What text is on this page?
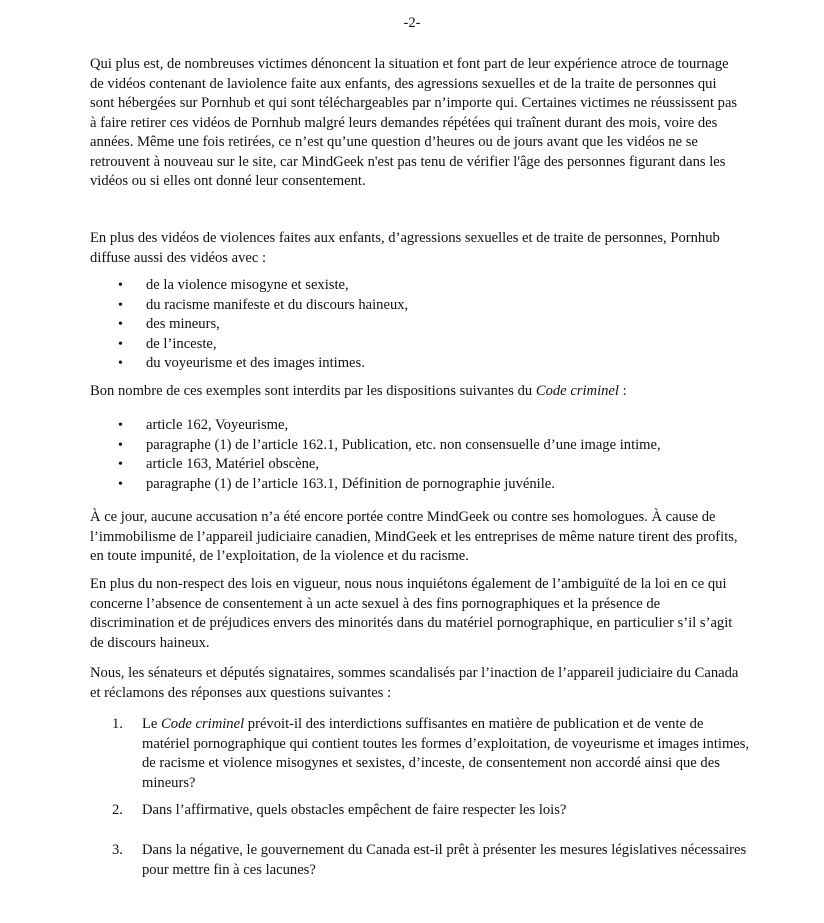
-2-

Qui plus est, de nombreuses victimes dénoncent la situation et font part de leur expérience atroce de tournage de vidéos contenant de laviolence faite aux enfants, des agressions sexuelles et de la traite de personnes qui sont hébergées sur Pornhub et qui sont téléchargeables par n’importe qui. Certaines victimes ne réussissent pas à faire retirer ces vidéos de Pornhub malgré leurs demandes répétées qui traînent durant des mois, voire des années. Même une fois retirées, ce n’est qu’une question d’heures ou de jours avant que les vidéos ne se retrouvent à nouveau sur le site, car MindGeek n'est pas tenu de vérifier l'âge des personnes figurant dans les vidéos ou si elles ont donné leur consentement.

En plus des vidéos de violences faites aux enfants, d’agressions sexuelles et de traite de personnes, Pornhub diffuse aussi des vidéos avec :

• de la violence misogyne et sexiste,
• du racisme manifeste et du discours haineux,
• des mineurs,
• de l’inceste,
• du voyeurisme et des images intimes.

Bon nombre de ces exemples sont interdits par les dispositions suivantes du Code criminel :

• article 162, Voyeurisme,
• paragraphe (1) de l’article 162.1, Publication, etc. non consensuelle d’une image intime,
• article 163, Matériel obscène,
• paragraphe (1) de l’article 163.1, Définition de pornographie juvénile.

À ce jour, aucune accusation n’a été encore portée contre MindGeek ou contre ses homologues. À cause de l’immobilisme de l’appareil judiciaire canadien, MindGeek et les entreprises de même nature tirent des profits, en toute impunité, de l’exploitation, de la violence et du racisme.

En plus du non-respect des lois en vigueur, nous nous inquiétons également de l’ambiguïté de la loi en ce qui concerne l’absence de consentement à un acte sexuel à des fins pornographiques et la présence de discrimination et de préjudices envers des minorités dans du matériel pornographique, en particulier s’il s’agit de discours haineux.

Nous, les sénateurs et députés signataires, sommes scandalisés par l’inaction de l’appareil judiciaire du Canada et réclamons des réponses aux questions suivantes :

1. Le Code criminel prévoit-il des interdictions suffisantes en matière de publication et de vente de matériel pornographique qui contient toutes les formes d’exploitation, de voyeurisme et images intimes, de racisme et violence misogynes et sexistes, d’inceste, de consentement non accordé ainsi que des mineurs?
2. Dans l’affirmative, quels obstacles empêchent de faire respecter les lois?
3. Dans la négative, le gouvernement du Canada est-il prêt à présenter les mesures législatives nécessaires pour mettre fin à ces lacunes?
